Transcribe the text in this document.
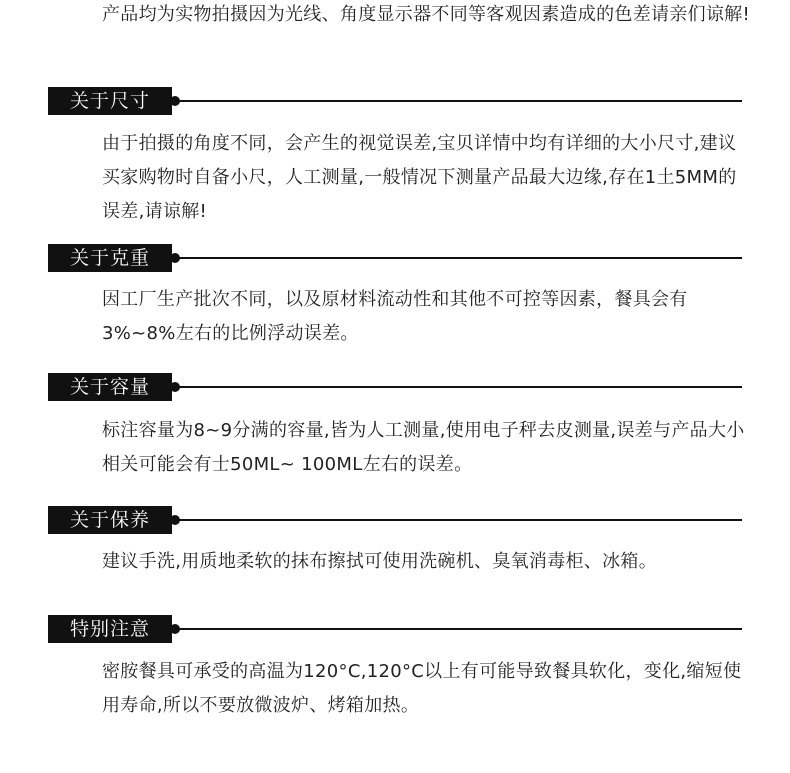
产品均为实物拍摄因为光线、角度显示器不同等客观因素造成的色差请亲们谅解!

关于尺寸

由于拍摄的角度不同，会产生的视觉误差,宝贝详情中均有详细的大小尺寸,建议买家购物时自备小尺，人工测量,一般情况下测量产品最大边缘,存在1土5MM的误差,请谅解!

关于克重

因工厂生产批次不同，以及原材料流动性和其他不可控等因素，餐具会有3%~8%左右的比例浮动误差。

关于容量

标注容量为8~9分满的容量,皆为人工测量,使用电子秤去皮测量,误差与产品大小相关可能会有士50ML~ 100ML左右的误差。

关于保养

建议手洗,用质地柔软的抹布擦拭可使用洗碗机、臭氧消毒柜、冰箱。

特别注意

密胺餐具可承受的高温为120°C,120°C以上有可能导致餐具软化，变化,缩短使用寿命,所以不要放微波炉、烤箱加热。
